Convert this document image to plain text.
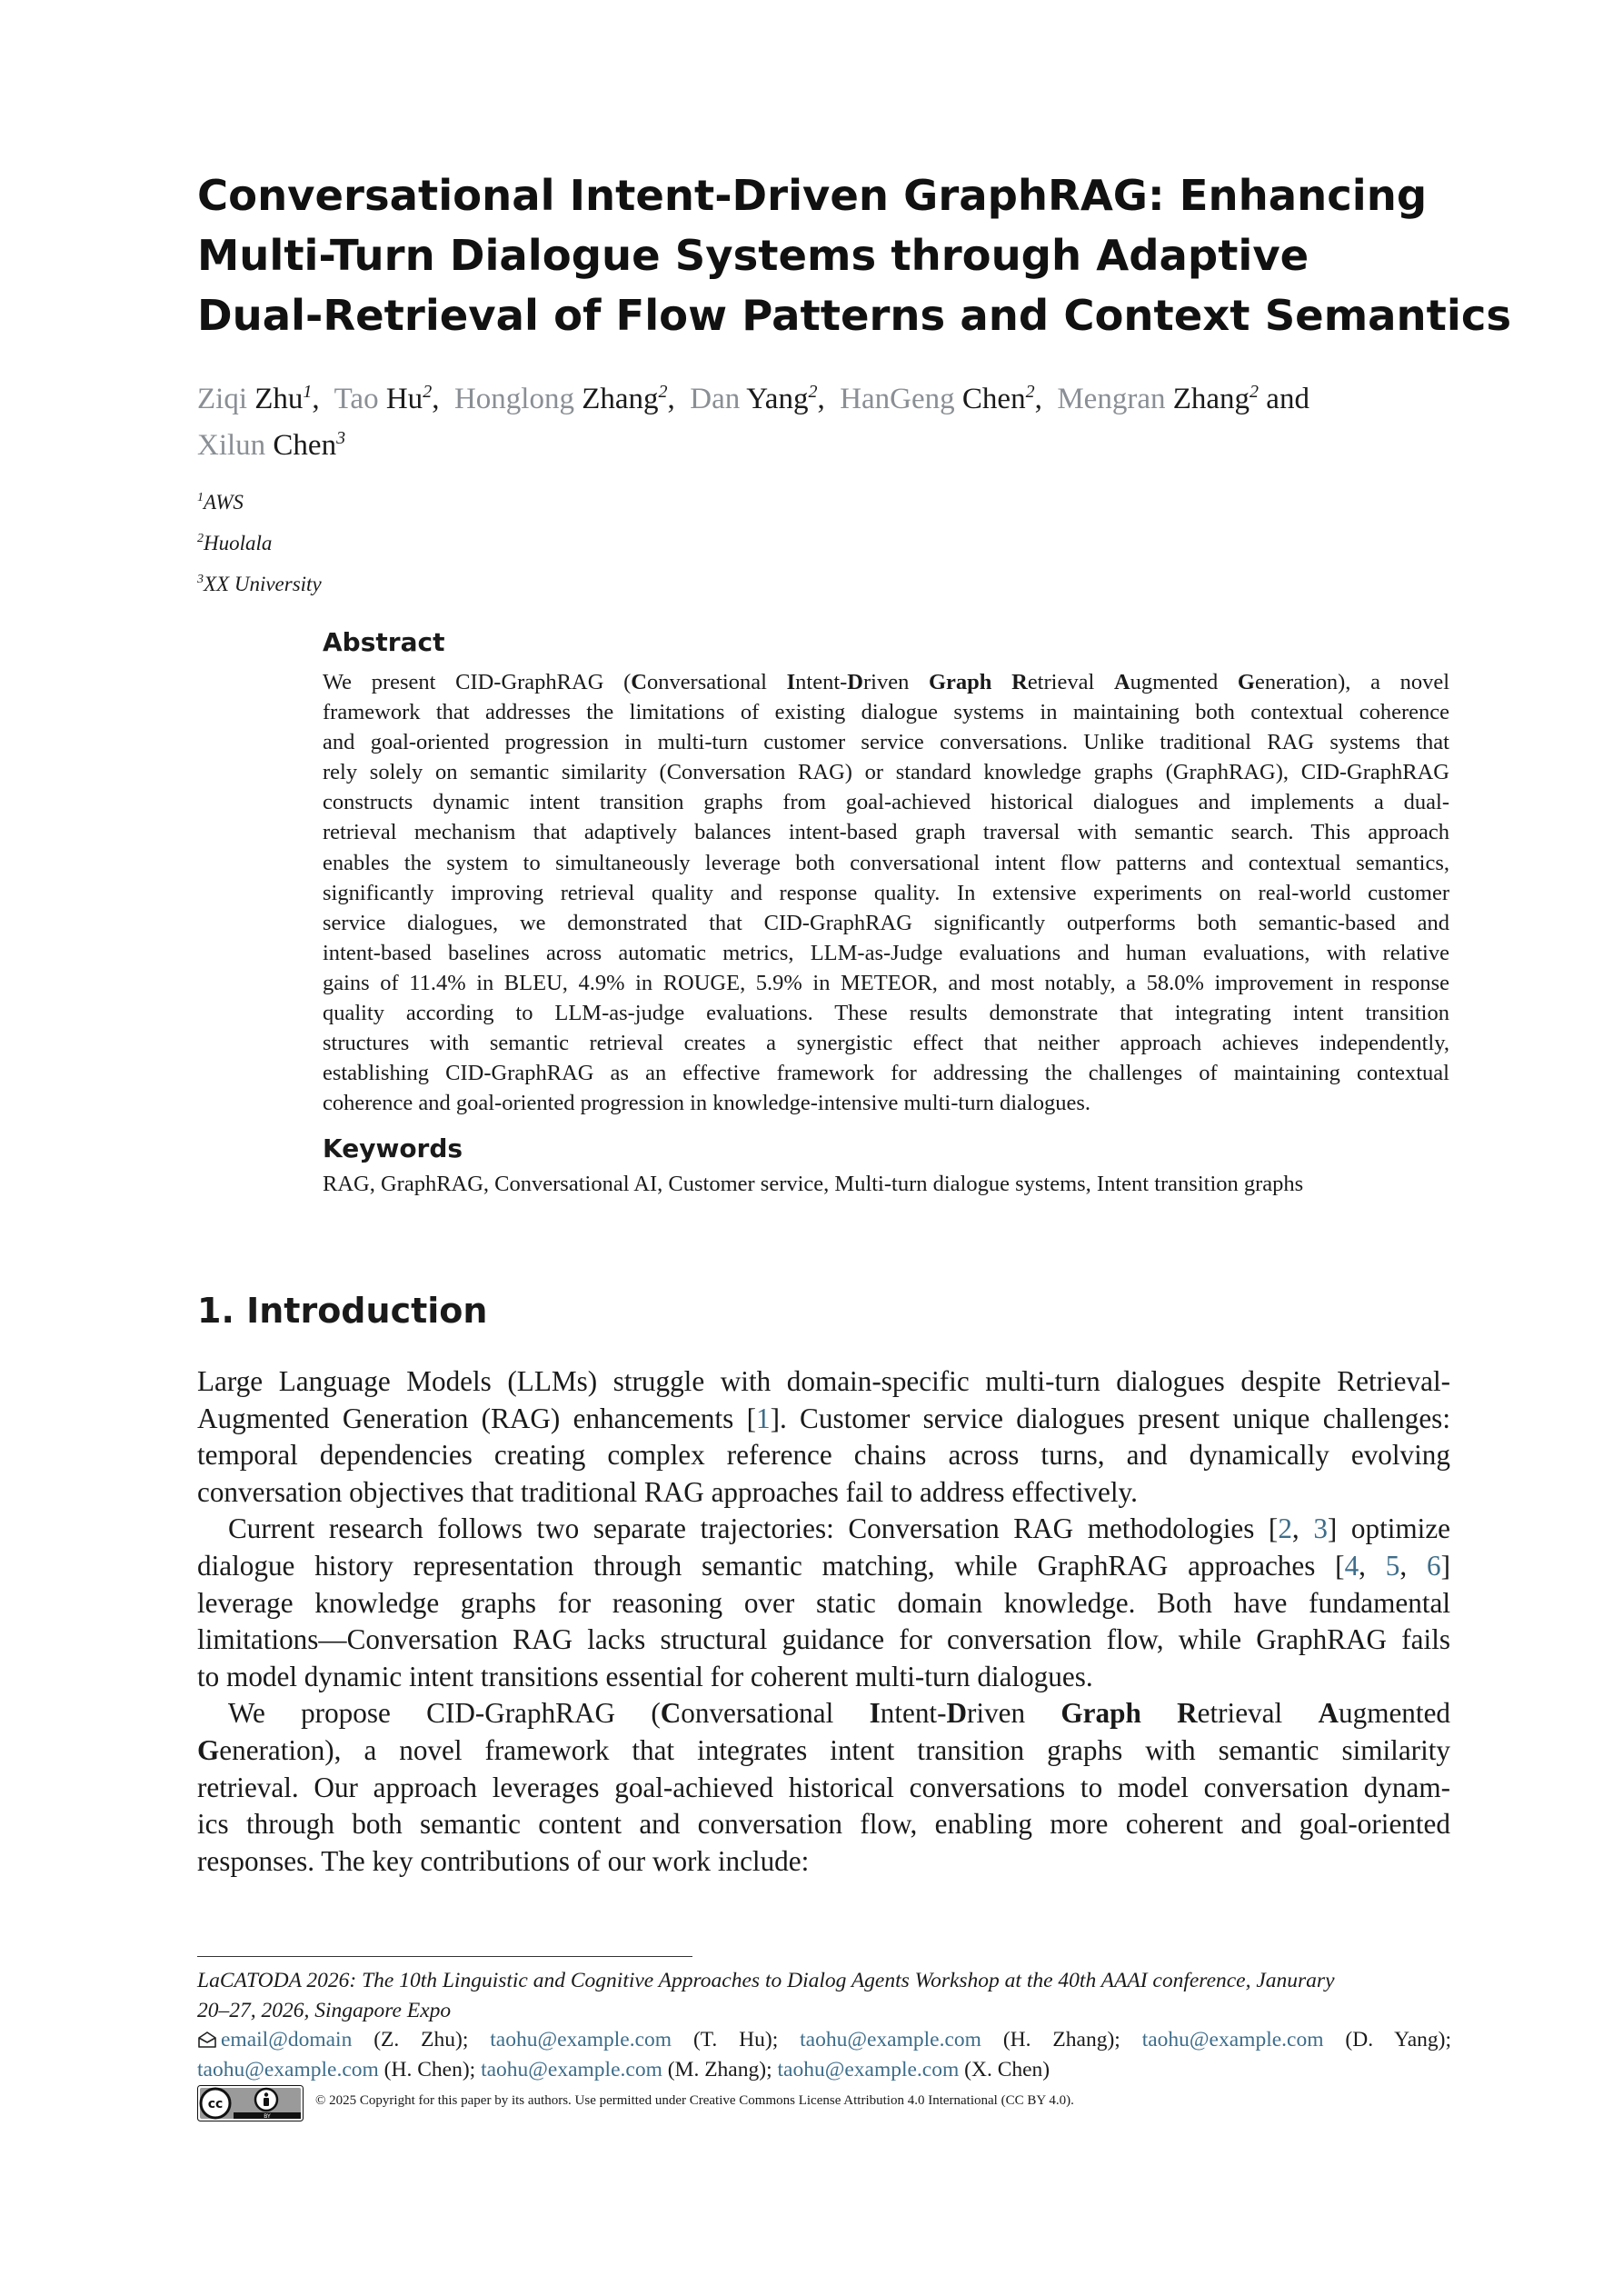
Conversational Intent-Driven GraphRAG: Enhancing
Multi-Turn Dialogue Systems through Adaptive
Dual-Retrieval of Flow Patterns and Context Semantics
Ziqi Zhu$^1$, Tao Hu$^2$, Honglong Zhang$^2$, Dan Yang$^2$, HanGeng Chen$^2$, Mengran Zhang$^2$ and
Xilun Chen$^3$
$^1$AWS
$^2$Huolala
$^3$XX University
Abstract
We present CID-GraphRAG (Conversational Intent-Driven Graph Retrieval Augmented Generation), a novel
framework that addresses the limitations of existing dialogue systems in maintaining both contextual coherence
and goal-oriented progression in multi-turn customer service conversations. Unlike traditional RAG systems that
rely solely on semantic similarity (Conversation RAG) or standard knowledge graphs (GraphRAG), CID-GraphRAG
constructs dynamic intent transition graphs from goal-achieved historical dialogues and implements a dual-
retrieval mechanism that adaptively balances intent-based graph traversal with semantic search. This approach
enables the system to simultaneously leverage both conversational intent flow patterns and contextual semantics,
significantly improving retrieval quality and response quality. In extensive experiments on real-world customer
service dialogues, we demonstrated that CID-GraphRAG significantly outperforms both semantic-based and
intent-based baselines across automatic metrics, LLM-as-Judge evaluations and human evaluations, with relative
gains of 11.4% in BLEU, 4.9% in ROUGE, 5.9% in METEOR, and most notably, a 58.0% improvement in response
quality according to LLM-as-judge evaluations. These results demonstrate that integrating intent transition
structures with semantic retrieval creates a synergistic effect that neither approach achieves independently,
establishing CID-GraphRAG as an effective framework for addressing the challenges of maintaining contextual
coherence and goal-oriented progression in knowledge-intensive multi-turn dialogues.
Keywords
RAG, GraphRAG, Conversational AI, Customer service, Multi-turn dialogue systems, Intent transition graphs
1. Introduction
Large Language Models (LLMs) struggle with domain-specific multi-turn dialogues despite Retrieval-
Augmented Generation (RAG) enhancements [1]. Customer service dialogues present unique challenges:
temporal dependencies creating complex reference chains across turns, and dynamically evolving
conversation objectives that traditional RAG approaches fail to address effectively.
Current research follows two separate trajectories: Conversation RAG methodologies [2, 3] optimize
dialogue history representation through semantic matching, while GraphRAG approaches [4, 5, 6]
leverage knowledge graphs for reasoning over static domain knowledge. Both have fundamental
limitations—Conversation RAG lacks structural guidance for conversation flow, while GraphRAG fails
to model dynamic intent transitions essential for coherent multi-turn dialogues.
We propose CID-GraphRAG (Conversational Intent-Driven Graph Retrieval Augmented
Generation), a novel framework that integrates intent transition graphs with semantic similarity
retrieval. Our approach leverages goal-achieved historical conversations to model conversation dynam-
ics through both semantic content and conversation flow, enabling more coherent and goal-oriented
responses. The key contributions of our work include:
LaCATODA 2026: The 10th Linguistic and Cognitive Approaches to Dialog Agents Workshop at the 40th AAAI conference, Janurary
20–27, 2026, Singapore Expo
email@domain (Z. Zhu); taohu@example.com (T. Hu); taohu@example.com (H. Zhang); taohu@example.com (D. Yang);
taohu@example.com (H. Chen); taohu@example.com (M. Zhang); taohu@example.com (X. Chen)
cc
BY
© 2025 Copyright for this paper by its authors. Use permitted under Creative Commons License Attribution 4.0 International (CC BY 4.0).
